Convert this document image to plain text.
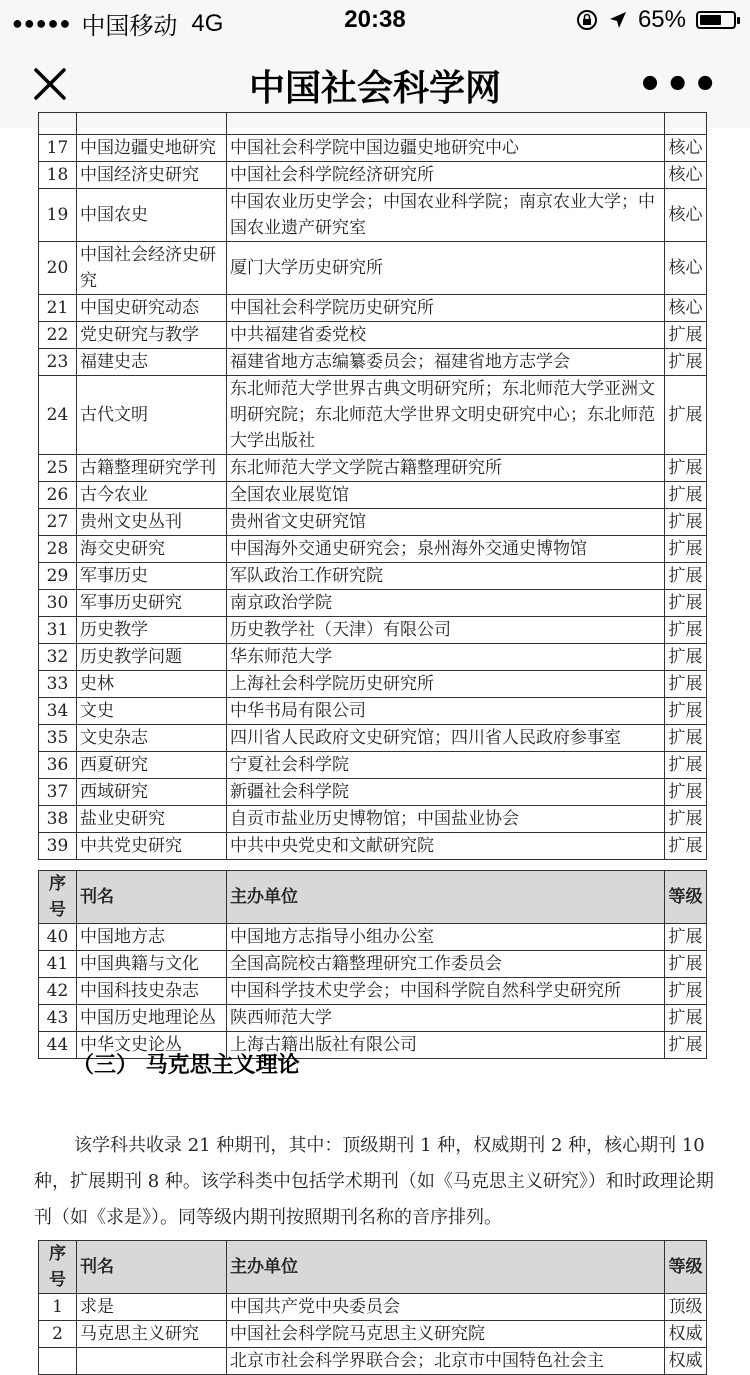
●●●●● 中国移动 4G	20:38	65%
中国社会科学网	•••

17	中国边疆史地研究	中国社会科学院中国边疆史地研究中心	核心
18	中国经济史研究	中国社会科学院经济研究所	核心
19	中国农史	中国农业历史学会；中国农业科学院；南京农业大学；中国农业遗产研究室	核心
20	中国社会经济史研究	厦门大学历史研究所	核心
21	中国史研究动态	中国社会科学院历史研究所	核心
22	党史研究与教学	中共福建省委党校	扩展
23	福建史志	福建省地方志编纂委员会；福建省地方志学会	扩展
24	古代文明	东北师范大学世界古典文明研究所；东北师范大学亚洲文明研究院；东北师范大学世界文明史研究中心；东北师范大学出版社	扩展
25	古籍整理研究学刊	东北师范大学文学院古籍整理研究所	扩展
26	古今农业	全国农业展览馆	扩展
27	贵州文史丛刊	贵州省文史研究馆	扩展
28	海交史研究	中国海外交通史研究会；泉州海外交通史博物馆	扩展
29	军事历史	军队政治工作研究院	扩展
30	军事历史研究	南京政治学院	扩展
31	历史教学	历史教学社（天津）有限公司	扩展
32	历史教学问题	华东师范大学	扩展
33	史林	上海社会科学院历史研究所	扩展
34	文史	中华书局有限公司	扩展
35	文史杂志	四川省人民政府文史研究馆；四川省人民政府参事室	扩展
36	西夏研究	宁夏社会科学院	扩展
37	西域研究	新疆社会科学院	扩展
38	盐业史研究	自贡市盐业历史博物馆；中国盐业协会	扩展
39	中共党史研究	中共中央党史和文献研究院	扩展
序号	刊名	主办单位	等级
40	中国地方志	中国地方志指导小组办公室	扩展
41	中国典籍与文化	全国高院校古籍整理研究工作委员会	扩展
42	中国科技史杂志	中国科学技术史学会；中国科学院自然科学史研究所	扩展
43	中国历史地理论丛	陕西师范大学	扩展
44	中华文史论丛	上海古籍出版社有限公司	扩展
（三） 马克思主义理论
该学科共收录 21 种期刊，其中：顶级期刊 1 种，权威期刊 2 种，核心期刊 10 种，扩展期刊 8 种。该学科类中包括学术期刊（如《马克思主义研究》）和时政理论期刊（如《求是》）。同等级内期刊按照期刊名称的音序排列。
序号	刊名	主办单位	等级
1	求是	中国共产党中央委员会	顶级
2	马克思主义研究	中国社会科学院马克思主义研究院	权威
		北京市社会科学界联合会；北京市中国特色社会主	权威
